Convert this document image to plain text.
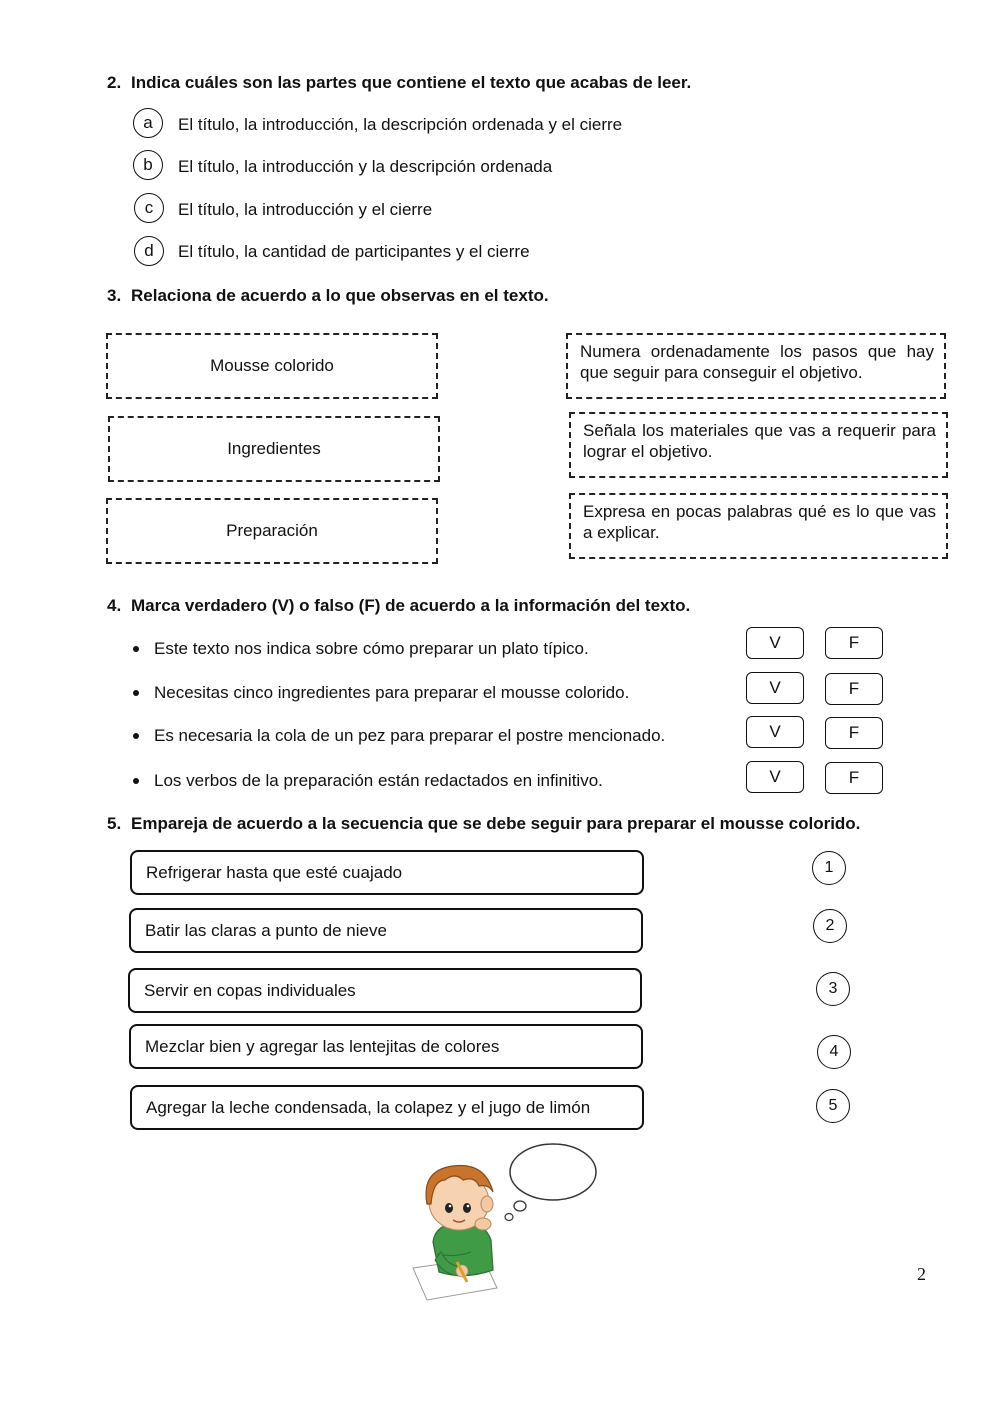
2. Indica cuáles son las partes que contiene el texto que acabas de leer.
a El título, la introducción, la descripción ordenada y el cierre
b El título, la introducción y la descripción ordenada
c El título, la introducción y el cierre
d El título, la cantidad de participantes y el cierre
3. Relaciona de acuerdo a lo que observas en el texto.
Mousse colorido
Ingredientes
Preparación
Numera ordenadamente los pasos que hay que seguir para conseguir el objetivo.
Señala los materiales que vas a requerir para lograr el objetivo.
Expresa en pocas palabras qué es lo que vas a explicar.
4. Marca verdadero (V) o falso (F) de acuerdo a la información del texto.
Este texto nos indica sobre cómo preparar un plato típico.	V	F
Necesitas cinco ingredientes para preparar el mousse colorido.	V	F
Es necesaria la cola de un pez para preparar el postre mencionado.	V	F
Los verbos de la preparación están redactados en infinitivo.	V	F
5. Empareja de acuerdo a la secuencia que se debe seguir para preparar el mousse colorido.
Refrigerar hasta que esté cuajado
Batir las claras a punto de nieve
Servir en copas individuales
Mezclar bien y agregar las lentejitas de colores
Agregar la leche condensada, la colapez y el jugo de limón
1
2
3
4
5
2
